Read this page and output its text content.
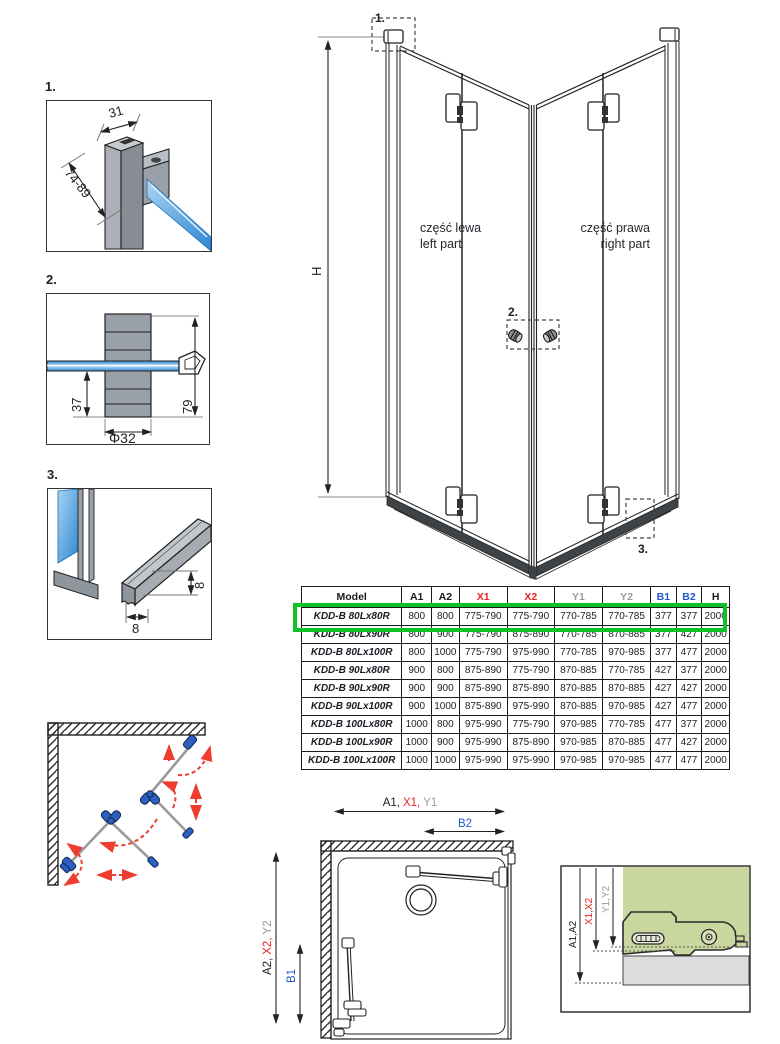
1.
31
74-89
2.
37	79
Φ32
3.
8
8
H
1.
2.
3.
część lewa
left part
część prawa
right part
Model	A1	A2	X1	X2	Y1	Y2	B1	B2	H
KDD-B 80Lx80R	800	800	775-790	775-790	770-785	770-785	377	377	2000
KDD-B 80Lx90R	800	900	775-790	875-890	770-785	870-885	377	427	2000
KDD-B 80Lx100R	800	1000	775-790	975-990	770-785	970-985	377	477	2000
KDD-B 90Lx80R	900	800	875-890	775-790	870-885	770-785	427	377	2000
KDD-B 90Lx90R	900	900	875-890	875-890	870-885	870-885	427	427	2000
KDD-B 90Lx100R	900	1000	875-890	975-990	870-885	970-985	427	477	2000
KDD-B 100Lx80R	1000	800	975-990	775-790	970-985	770-785	477	377	2000
KDD-B 100Lx90R	1000	900	975-990	875-890	970-985	870-885	477	427	2000
KDD-B 100Lx100R	1000	1000	975-990	975-990	970-985	970-985	477	477	2000
A1, X1, Y1
B2
A2,X2,Y2
B1
A1,A2
X1,X2 Y1,Y2
